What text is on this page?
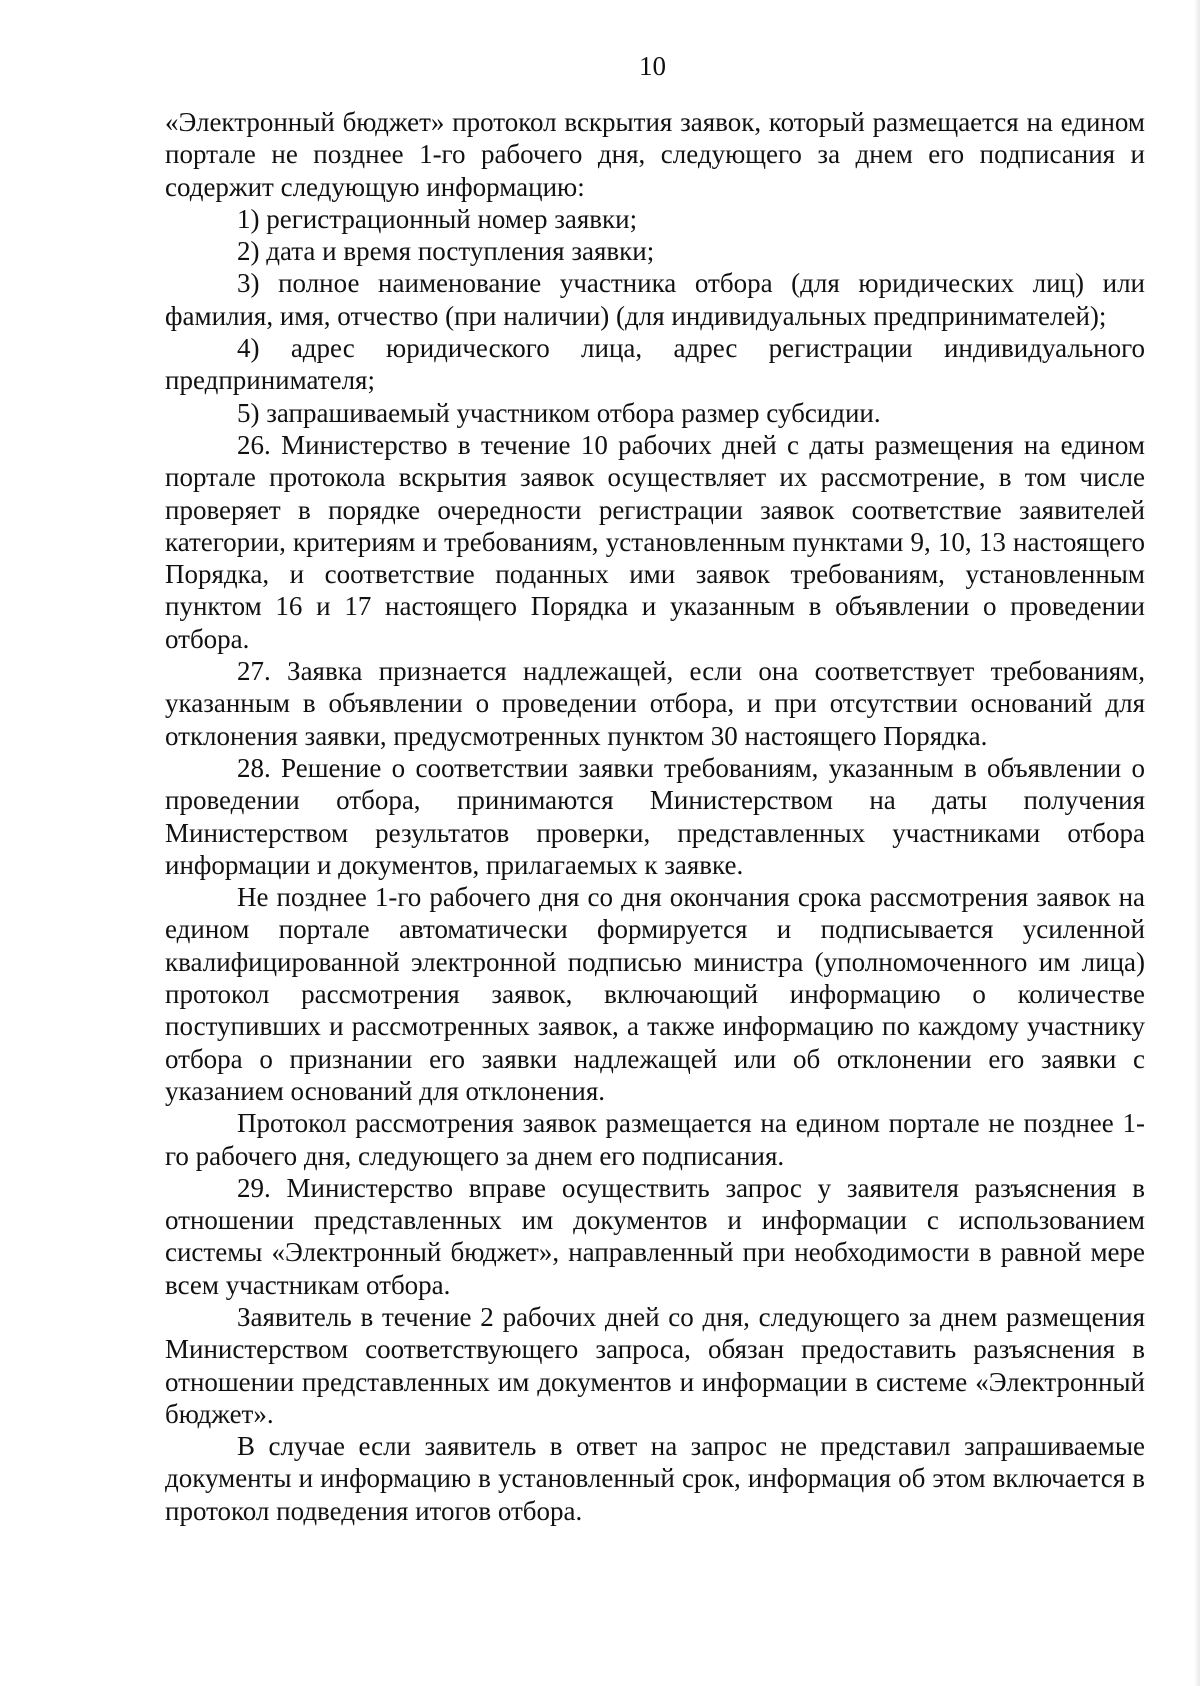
10

«Электронный бюджет» протокол вскрытия заявок, который размещается на едином портале не позднее 1-го рабочего дня, следующего за днем его подписания и содержит следующую информацию:

1) регистрационный номер заявки;

2) дата и время поступления заявки;

3) полное наименование участника отбора (для юридических лиц) или фамилия, имя, отчество (при наличии) (для индивидуальных предпринимателей);

4) адрес юридического лица, адрес регистрации индивидуального предпринимателя;

5) запрашиваемый участником отбора размер субсидии.

26. Министерство в течение 10 рабочих дней с даты размещения на едином портале протокола вскрытия заявок осуществляет их рассмотрение, в том числе проверяет в порядке очередности регистрации заявок соответствие заявителей категории, критериям и требованиям, установленным пунктами 9, 10, 13 настоящего Порядка, и соответствие поданных ими заявок требованиям, установленным пунктом 16 и 17 настоящего Порядка и указанным в объявлении о проведении отбора.

27. Заявка признается надлежащей, если она соответствует требованиям, указанным в объявлении о проведении отбора, и при отсутствии оснований для отклонения заявки, предусмотренных пунктом 30 настоящего Порядка.

28. Решение о соответствии заявки требованиям, указанным в объявлении о проведении отбора, принимаются Министерством на даты получения Министерством результатов проверки, представленных участниками отбора информации и документов, прилагаемых к заявке.

Не позднее 1-го рабочего дня со дня окончания срока рассмотрения заявок на едином портале автоматически формируется и подписывается усиленной квалифицированной электронной подписью министра (уполномоченного им лица) протокол рассмотрения заявок, включающий информацию о количестве поступивших и рассмотренных заявок, а также информацию по каждому участнику отбора о признании его заявки надлежащей или об отклонении его заявки с указанием оснований для отклонения.

Протокол рассмотрения заявок размещается на едином портале не позднее 1-го рабочего дня, следующего за днем его подписания.

29. Министерство вправе осуществить запрос у заявителя разъяснения в отношении представленных им документов и информации с использованием системы «Электронный бюджет», направленный при необходимости в равной мере всем участникам отбора.

Заявитель в течение 2 рабочих дней со дня, следующего за днем размещения Министерством соответствующего запроса, обязан предоставить разъяснения в отношении представленных им документов и информации в системе «Электронный бюджет».

В случае если заявитель в ответ на запрос не представил запрашиваемые документы и информацию в установленный срок, информация об этом включается в протокол подведения итогов отбора.
